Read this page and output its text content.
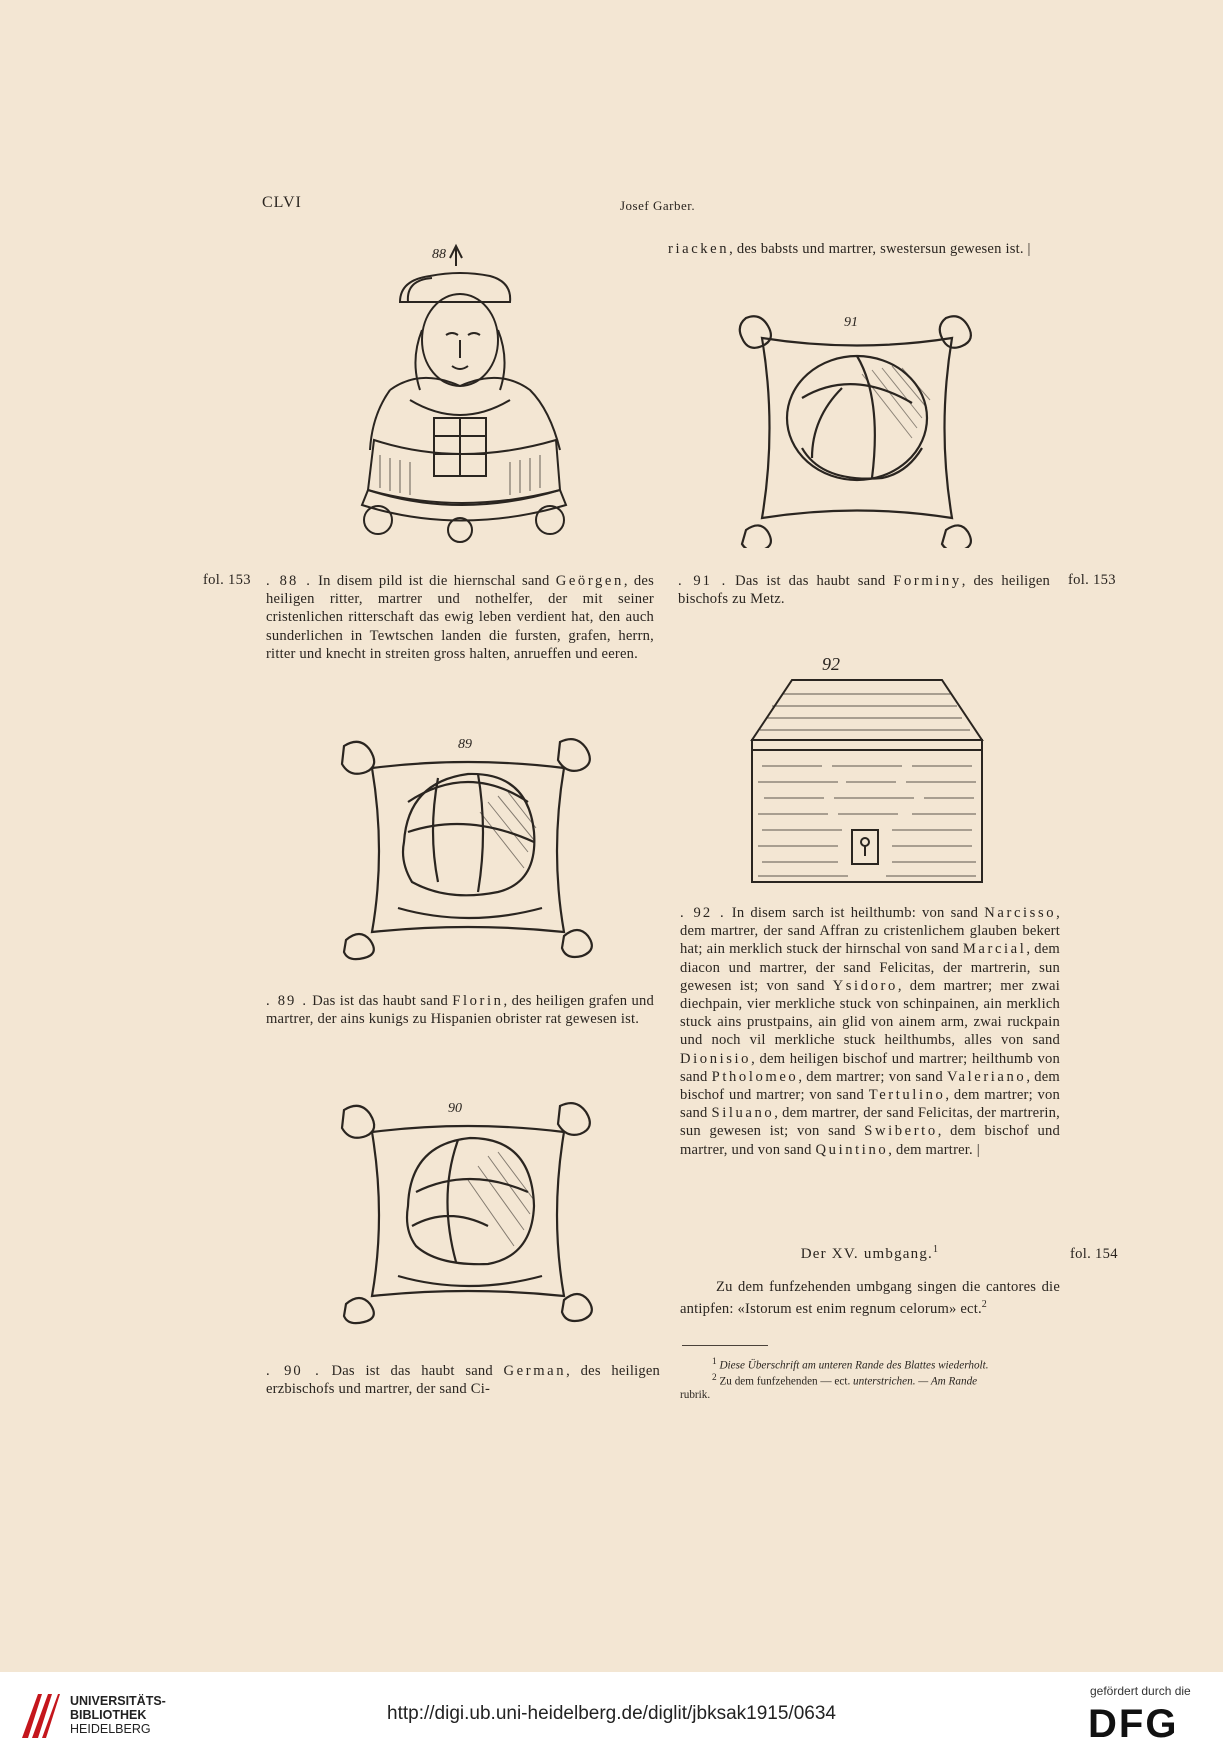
CLVI	Josef Garber.
88
91
fol. 153 . 88 . In disem pild ist die hiernschal sand Geörgen, des heiligen ritter, martrer und nothelfer, der mit seiner cristenlichen ritterschaft das ewig leben verdient hat, den auch sunderlichen in Tewtschen landen die fursten, grafen, herrn, ritter und knecht in streiten gross halten, anrueffen und eeren.
. 91 . Das ist das haubt sand Forminy, des heiligen bischofs zu Metz.
fol. 153
riacken, des babsts und martrer, swestersun gewesen ist. |
92
89
. 92 . In disem sarch ist heilthumb: von sand Narcisso, dem martrer, der sand Affran zu cristenlichem glauben bekert hat; ain merklich stuck der hirnschal von sand Marcial, dem diacon und martrer, der sand Felicitas, der martrerin, sun gewesen ist; von sand Ysidoro, dem martrer; mer zwai diechpain, vier merkliche stuck von schinpainen, ain merklich stuck ains prustpains, ain glid von ainem arm, zwai ruckpain und noch vil merkliche stuck heilthumbs, alles von sand Dionisio, dem heiligen bischof und martrer; heilthumb von sand Ptholomeo, dem martrer; von sand Valeriano, dem bischof und martrer; von sand Tertulino, dem martrer; von sand Siluano, dem martrer, der sand Felicitas, der martrerin, sun gewesen ist; von sand Swiberto, dem bischof und martrer, und von sand Quintino, dem martrer. |
. 89 . Das ist das haubt sand Florin, des heiligen grafen und martrer, der ains kunigs zu Hispanien obrister rat gewesen ist.
90
Der XV. umbgang.$^1$	fol. 154
Zu dem funfzehenden umbgang singen die cantores die antipfen: «Istorum est enim regnum celorum» ect.$^2$
$^1$ Diese Überschrift am unteren Rande des Blattes wiederholt.
$^2$ Zu dem funfzehenden — ect. unterstrichen. — Am Rande
rubrik.
. 90 . Das ist das haubt sand German, des heiligen erzbischofs und martrer, der sand Ci-
UNIVERSITÄTS-
BIBLIOTHEK
HEIDELBERG
http://digi.ub.uni-heidelberg.de/diglit/jbksak1915/0634
gefördert durch die
DFG
